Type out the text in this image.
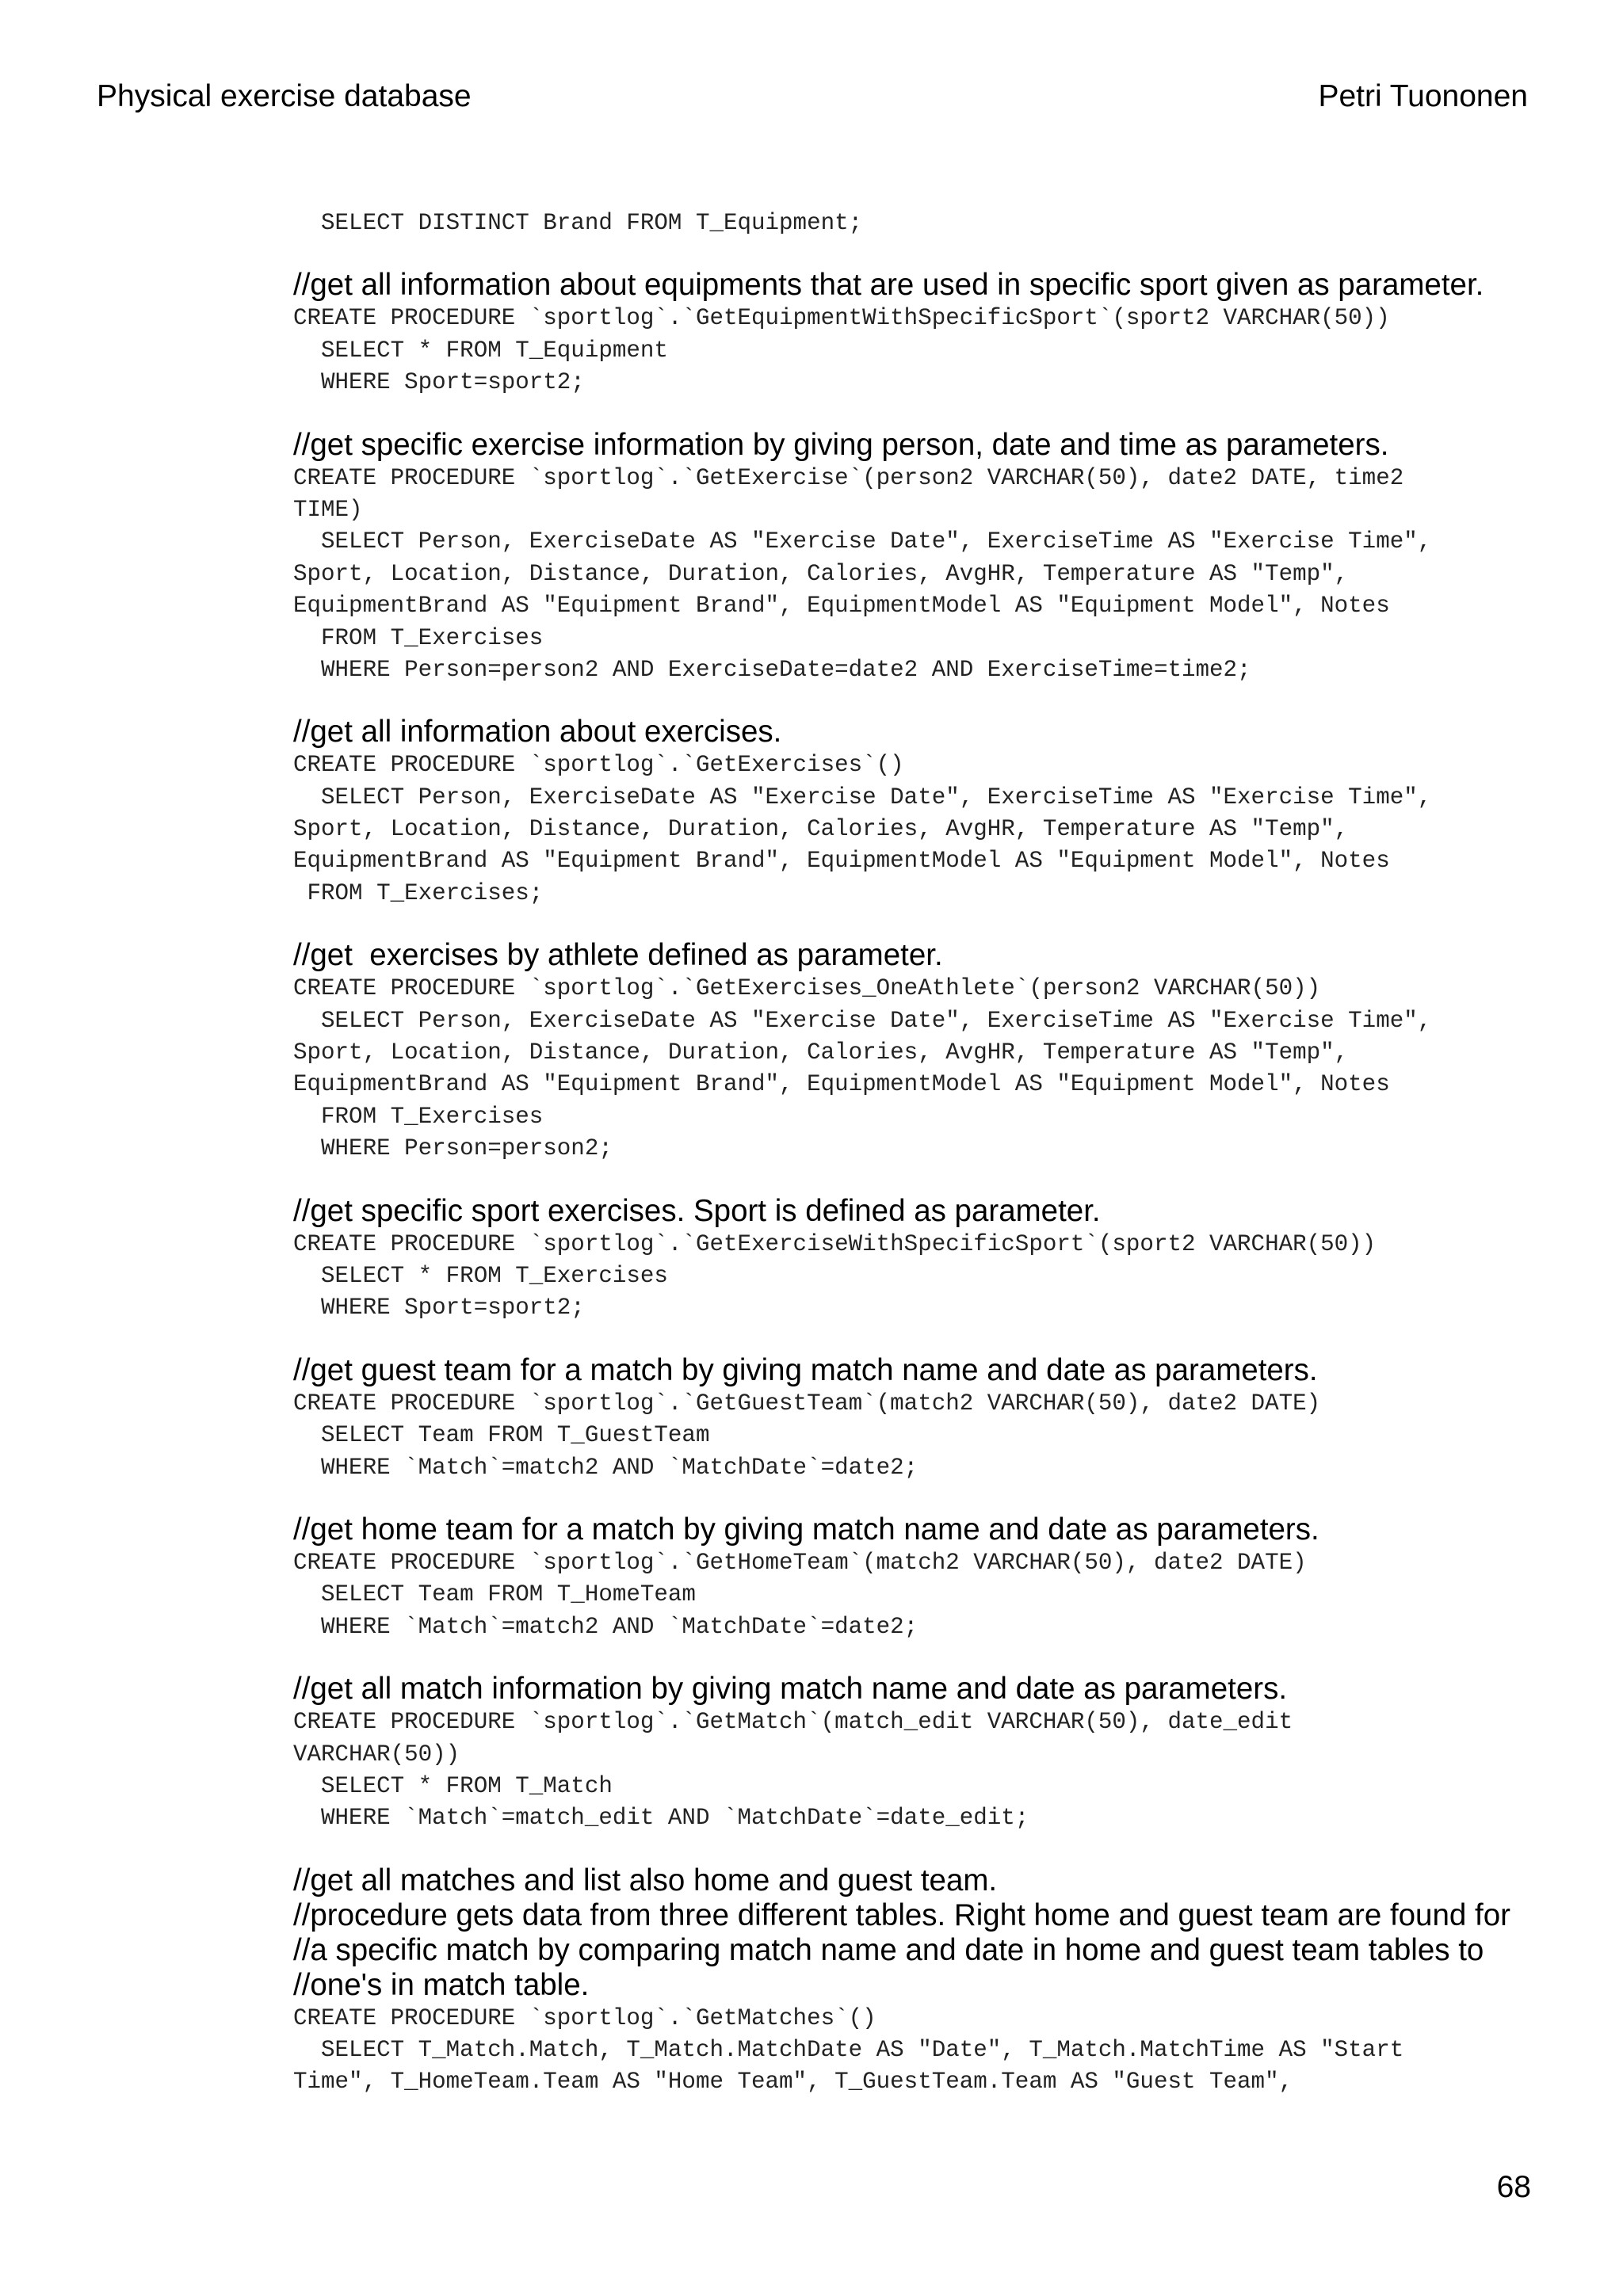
Physical exercise database	Petri Tuononen
SELECT DISTINCT Brand FROM T_Equipment;
//get all information about equipments that are used in specific sport given as parameter.
CREATE PROCEDURE `sportlog`.`GetEquipmentWithSpecificSport`(sport2 VARCHAR(50))
SELECT * FROM T_Equipment
WHERE Sport=sport2;
//get specific exercise information by giving person, date and time as parameters.
CREATE PROCEDURE `sportlog`.`GetExercise`(person2 VARCHAR(50), date2 DATE, time2
TIME)
SELECT Person, ExerciseDate AS "Exercise Date", ExerciseTime AS "Exercise Time",
Sport, Location, Distance, Duration, Calories, AvgHR, Temperature AS "Temp",
EquipmentBrand AS "Equipment Brand", EquipmentModel AS "Equipment Model", Notes
FROM T_Exercises
WHERE Person=person2 AND ExerciseDate=date2 AND ExerciseTime=time2;
//get all information about exercises.
CREATE PROCEDURE `sportlog`.`GetExercises`()
SELECT Person, ExerciseDate AS "Exercise Date", ExerciseTime AS "Exercise Time",
Sport, Location, Distance, Duration, Calories, AvgHR, Temperature AS "Temp",
EquipmentBrand AS "Equipment Brand", EquipmentModel AS "Equipment Model", Notes
FROM T_Exercises;
//get  exercises by athlete defined as parameter.
CREATE PROCEDURE `sportlog`.`GetExercises_OneAthlete`(person2 VARCHAR(50))
SELECT Person, ExerciseDate AS "Exercise Date", ExerciseTime AS "Exercise Time",
Sport, Location, Distance, Duration, Calories, AvgHR, Temperature AS "Temp",
EquipmentBrand AS "Equipment Brand", EquipmentModel AS "Equipment Model", Notes
FROM T_Exercises
WHERE Person=person2;
//get specific sport exercises. Sport is defined as parameter.
CREATE PROCEDURE `sportlog`.`GetExerciseWithSpecificSport`(sport2 VARCHAR(50))
SELECT * FROM T_Exercises
WHERE Sport=sport2;
//get guest team for a match by giving match name and date as parameters.
CREATE PROCEDURE `sportlog`.`GetGuestTeam`(match2 VARCHAR(50), date2 DATE)
SELECT Team FROM T_GuestTeam
WHERE `Match`=match2 AND `MatchDate`=date2;
//get home team for a match by giving match name and date as parameters.
CREATE PROCEDURE `sportlog`.`GetHomeTeam`(match2 VARCHAR(50), date2 DATE)
SELECT Team FROM T_HomeTeam
WHERE `Match`=match2 AND `MatchDate`=date2;
//get all match information by giving match name and date as parameters.
CREATE PROCEDURE `sportlog`.`GetMatch`(match_edit VARCHAR(50), date_edit
VARCHAR(50))
SELECT * FROM T_Match
WHERE `Match`=match_edit AND `MatchDate`=date_edit;
//get all matches and list also home and guest team.
//procedure gets data from three different tables. Right home and guest team are found for
//a specific match by comparing match name and date in home and guest team tables to
//one's in match table.
CREATE PROCEDURE `sportlog`.`GetMatches`()
SELECT T_Match.Match, T_Match.MatchDate AS "Date", T_Match.MatchTime AS "Start
Time", T_HomeTeam.Team AS "Home Team", T_GuestTeam.Team AS "Guest Team",
68
